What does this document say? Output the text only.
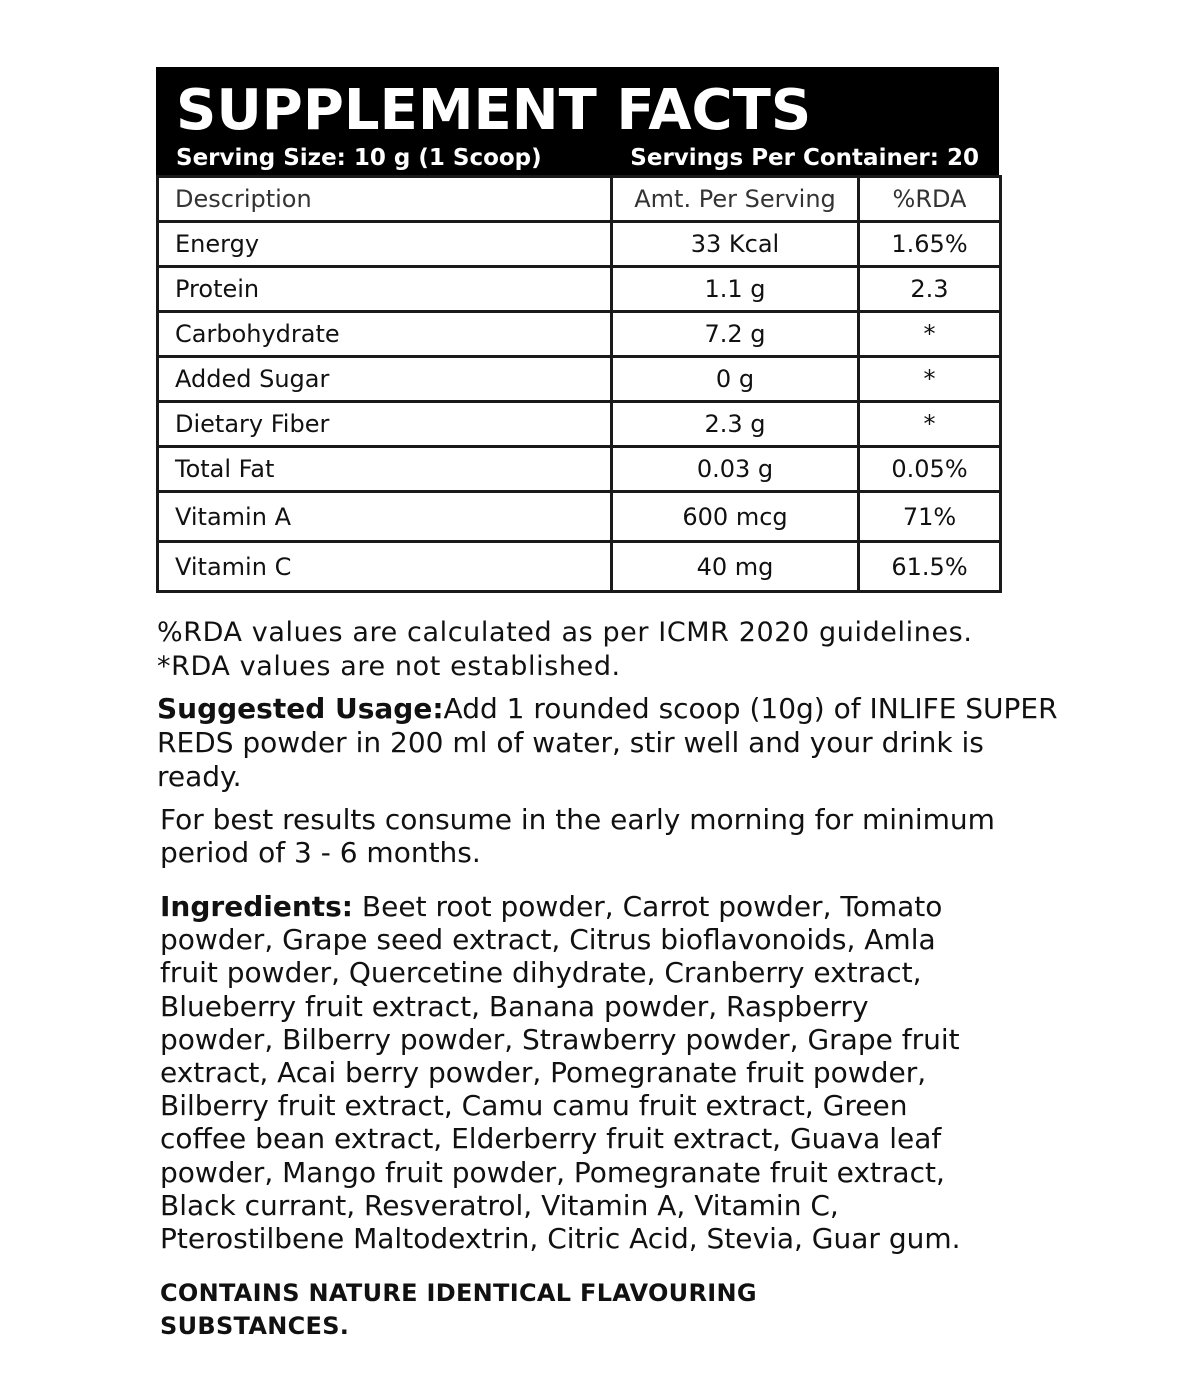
SUPPLEMENT FACTS
Serving Size: 10 g (1 Scoop)	Servings Per Container: 20
Description	Amt. Per Serving	%RDA
Energy	33 Kcal	1.65%
Protein	1.1 g	2.3
Carbohydrate	7.2 g	*
Added Sugar	0 g	*
Dietary Fiber	2.3 g	*
Total Fat	0.03 g	0.05%
Vitamin A	600 mcg	71%
Vitamin C	40 mg	61.5%
%RDA values are calculated as per ICMR 2020 guidelines.
*RDA values are not established.
Suggested Usage:Add 1 rounded scoop (10g) of INLIFE SUPER REDS powder in 200 ml of water, stir well and your drink is ready.
For best results consume in the early morning for minimum period of 3 - 6 months.
Ingredients: Beet root powder, Carrot powder, Tomato powder, Grape seed extract, Citrus bioflavonoids, Amla fruit powder, Quercetine dihydrate, Cranberry extract, Blueberry fruit extract, Banana powder, Raspberry powder, Bilberry powder, Strawberry powder, Grape fruit extract, Acai berry powder, Pomegranate fruit powder, Bilberry fruit extract, Camu camu fruit extract, Green coffee bean extract, Elderberry fruit extract, Guava leaf powder, Mango fruit powder, Pomegranate fruit extract, Black currant, Resveratrol, Vitamin A, Vitamin C, Pterostilbene Maltodextrin, Citric Acid, Stevia, Guar gum.
CONTAINS NATURE IDENTICAL FLAVOURING SUBSTANCES.
